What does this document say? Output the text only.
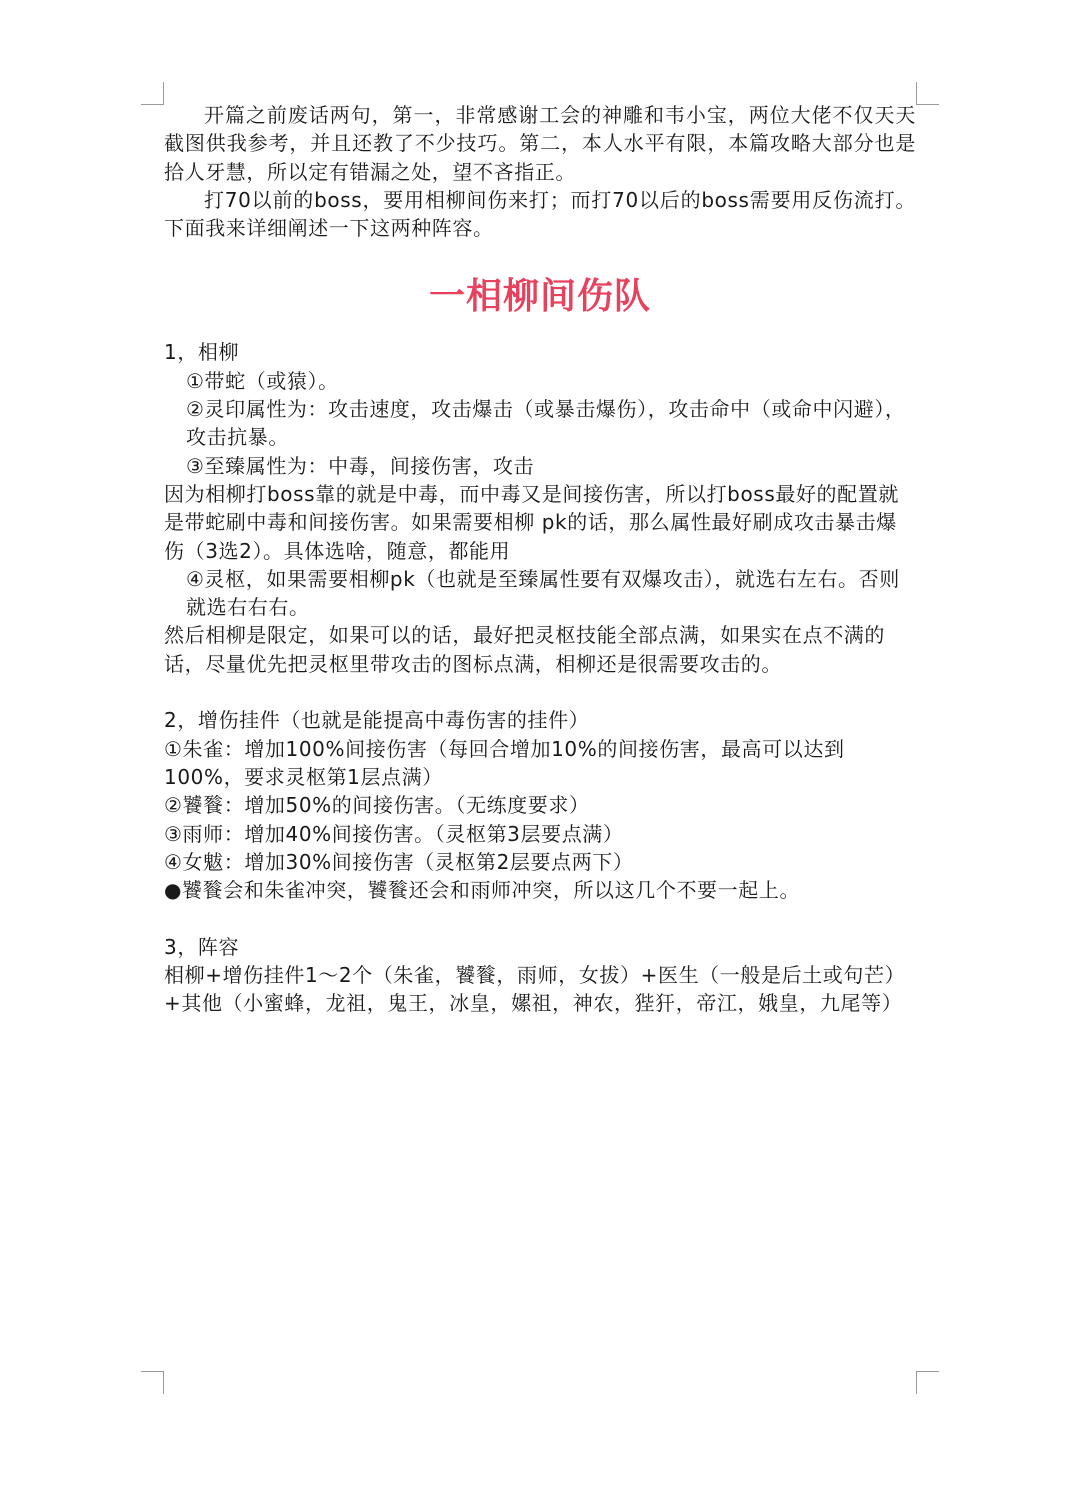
开篇之前废话两句，第一，非常感谢工会的神雕和韦小宝，两位大佬不仅天天截图供我参考，并且还教了不少技巧。第二，本人水平有限，本篇攻略大部分也是拾人牙慧，所以定有错漏之处，望不吝指正。

打70以前的boss，要用相柳间伤来打；而打70以后的boss需要用反伤流打。下面我来详细阐述一下这两种阵容。

一相柳间伤队

1，相柳

①带蛇（或猿）。

②灵印属性为：攻击速度，攻击爆击（或暴击爆伤），攻击命中（或命中闪避），攻击抗暴。

③至臻属性为：中毒，间接伤害，攻击

因为相柳打boss靠的就是中毒，而中毒又是间接伤害，所以打boss最好的配置就是带蛇刷中毒和间接伤害。如果需要相柳 pk的话，那么属性最好刷成攻击暴击爆伤（3选2）。具体选啥，随意，都能用

④灵枢，如果需要相柳pk（也就是至臻属性要有双爆攻击），就选右左右。否则就选右右右。

然后相柳是限定，如果可以的话，最好把灵枢技能全部点满，如果实在点不满的话，尽量优先把灵枢里带攻击的图标点满，相柳还是很需要攻击的。

2，增伤挂件（也就是能提高中毒伤害的挂件）

①朱雀：增加100%间接伤害（每回合增加10%的间接伤害，最高可以达到100%，要求灵枢第1层点满）

②饕餮：增加50%的间接伤害。（无练度要求）

③雨师：增加40%间接伤害。（灵枢第3层要点满）

④女魃：增加30%间接伤害（灵枢第2层要点两下）

●饕餮会和朱雀冲突，饕餮还会和雨师冲突，所以这几个不要一起上。

3，阵容

相柳+增伤挂件1～2个（朱雀，饕餮，雨师，女拔）+医生（一般是后土或句芒）+其他（小蜜蜂，龙祖，鬼王，冰皇，嫘祖，神农，狴犴，帝江，娥皇，九尾等）
